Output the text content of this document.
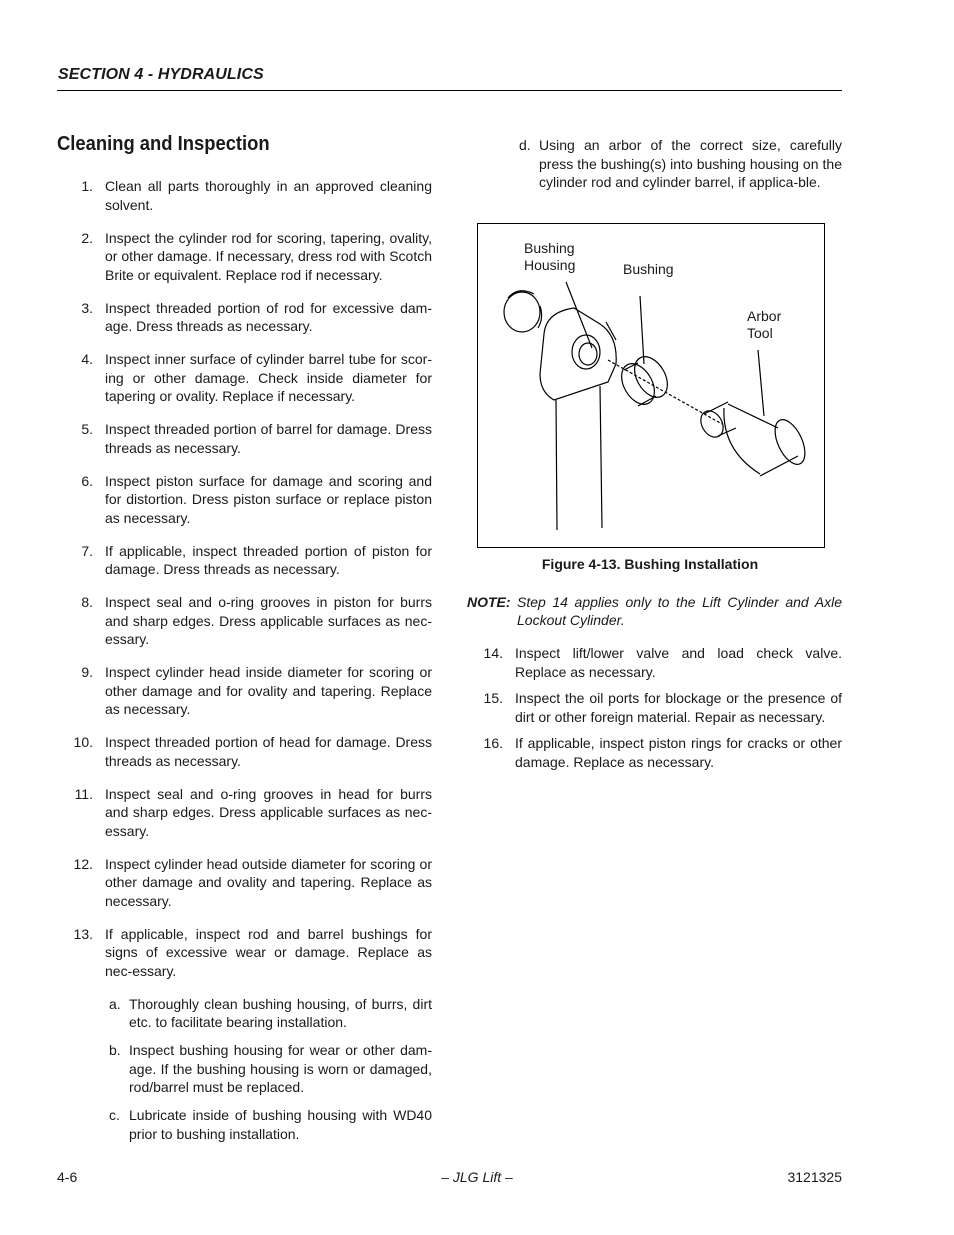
SECTION 4 - HYDRAULICS
Cleaning and Inspection
1. Clean all parts thoroughly in an approved cleaning solvent.
2. Inspect the cylinder rod for scoring, tapering, ovality, or other damage. If necessary, dress rod with Scotch Brite or equivalent. Replace rod if necessary.
3. Inspect threaded portion of rod for excessive dam-age. Dress threads as necessary.
4. Inspect inner surface of cylinder barrel tube for scor-ing or other damage. Check inside diameter for tapering or ovality. Replace if necessary.
5. Inspect threaded portion of barrel for damage. Dress threads as necessary.
6. Inspect piston surface for damage and scoring and for distortion. Dress piston surface or replace piston as necessary.
7. If applicable, inspect threaded portion of piston for damage. Dress threads as necessary.
8. Inspect seal and o-ring grooves in piston for burrs and sharp edges. Dress applicable surfaces as nec-essary.
9. Inspect cylinder head inside diameter for scoring or other damage and for ovality and tapering. Replace as necessary.
10. Inspect threaded portion of head for damage. Dress threads as necessary.
11. Inspect seal and o-ring grooves in head for burrs and sharp edges. Dress applicable surfaces as nec-essary.
12. Inspect cylinder head outside diameter for scoring or other damage and ovality and tapering. Replace as necessary.
13. If applicable, inspect rod and barrel bushings for signs of excessive wear or damage. Replace as nec-essary.
a. Thoroughly clean bushing housing, of burrs, dirt etc. to facilitate bearing installation.
b. Inspect bushing housing for wear or other dam-age. If the bushing housing is worn or damaged, rod/barrel must be replaced.
c. Lubricate inside of bushing housing with WD40 prior to bushing installation.
d. Using an arbor of the correct size, carefully press the bushing(s) into bushing housing on the cylinder rod and cylinder barrel, if applica-ble.
Bushing
Housing	Bushing
Arbor
Tool
Figure 4-13. Bushing Installation
NOTE: Step 14 applies only to the Lift Cylinder and Axle Lockout Cylinder.
14. Inspect lift/lower valve and load check valve. Replace as necessary.
15. Inspect the oil ports for blockage or the presence of dirt or other foreign material. Repair as necessary.
16. If applicable, inspect piston rings for cracks or other damage. Replace as necessary.
4-6	– JLG Lift –	3121325
